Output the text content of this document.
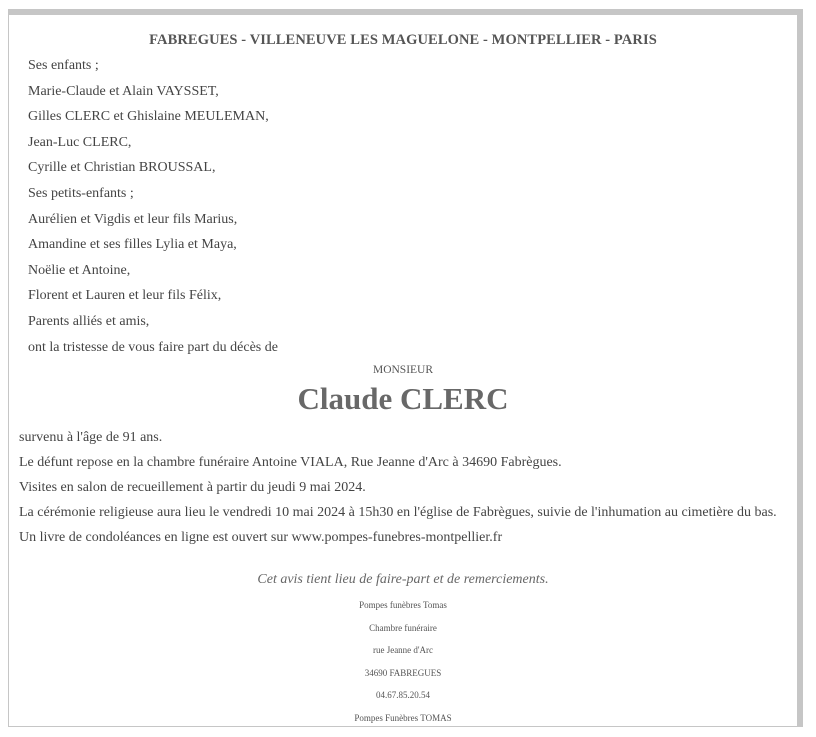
FABREGUES - VILLENEUVE LES MAGUELONE - MONTPELLIER - PARIS
Ses enfants ;
Marie-Claude et Alain VAYSSET,
Gilles CLERC et Ghislaine MEULEMAN,
Jean-Luc CLERC,
Cyrille et Christian BROUSSAL,
Ses petits-enfants ;
Aurélien et Vigdis et leur fils Marius,
Amandine et ses filles Lylia et Maya,
Noëlie et Antoine,
Florent et Lauren et leur fils Félix,
Parents alliés et amis,
ont la tristesse de vous faire part du décès de
MONSIEUR
Claude CLERC

survenu à l'âge de 91 ans.

Le défunt repose en la chambre funéraire Antoine VIALA, Rue Jeanne d'Arc à 34690 Fabrègues.

Visites en salon de recueillement à partir du jeudi 9 mai 2024.

La cérémonie religieuse aura lieu le vendredi 10 mai 2024 à 15h30 en l'église de Fabrègues, suivie de l'inhumation au cimetière du bas.

Un livre de condoléances en ligne est ouvert sur www.pompes-funebres-montpellier.fr

Cet avis tient lieu de faire-part et de remerciements.
Pompes funèbres Tomas
Chambre funéraire
rue Jeanne d'Arc
34690 FABREGUES
04.67.85.20.54
Pompes Funèbres TOMAS
